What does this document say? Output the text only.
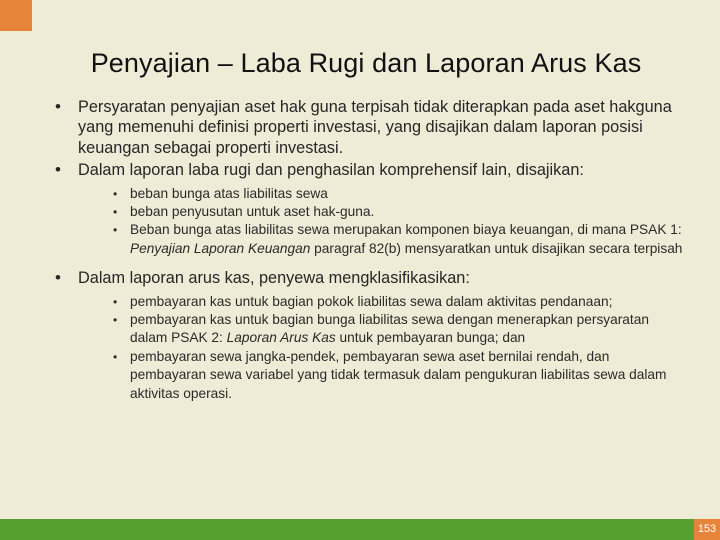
Penyajian – Laba Rugi dan Laporan Arus Kas
• Persyaratan penyajian aset hak guna terpisah tidak diterapkan pada aset hakguna yang memenuhi definisi properti investasi, yang disajikan dalam laporan posisi keuangan sebagai properti investasi.
• Dalam laporan laba rugi dan penghasilan komprehensif lain, disajikan:
• beban bunga atas liabilitas sewa
• beban penyusutan untuk aset hak-guna.
• Beban bunga atas liabilitas sewa merupakan komponen biaya keuangan, di mana PSAK 1: Penyajian Laporan Keuangan paragraf 82(b) mensyaratkan untuk disajikan secara terpisah
• Dalam laporan arus kas, penyewa mengklasifikasikan:
• pembayaran kas untuk bagian pokok liabilitas sewa dalam aktivitas pendanaan;
• pembayaran kas untuk bagian bunga liabilitas sewa dengan menerapkan persyaratan dalam PSAK 2: Laporan Arus Kas untuk pembayaran bunga; dan
• pembayaran sewa jangka-pendek, pembayaran sewa aset bernilai rendah, dan pembayaran sewa variabel yang tidak termasuk dalam pengukuran liabilitas sewa dalam aktivitas operasi.
153
